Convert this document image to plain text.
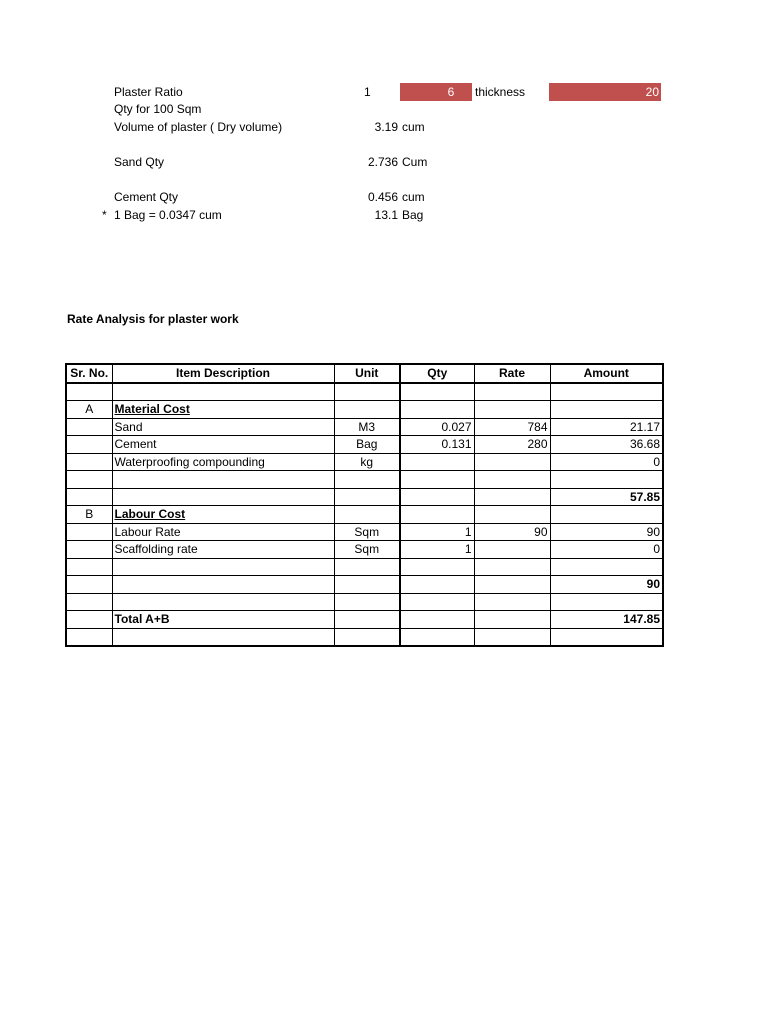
Plaster Ratio	1	6	thickness	20
Qty for 100 Sqm
Volume of plaster ( Dry volume)	3.19 cum
Sand Qty	2.736 Cum
Cement Qty	0.456 cum
* 1 Bag = 0.0347 cum	13.1 Bag
Rate Analysis for plaster work
Sr. No.	Item Description	Unit	Qty	Rate	Amount

A	Material Cost				
	Sand	M3	0.027	784	21.17
	Cement	Bag	0.131	280	36.68
	Waterproofing compounding	kg			0

					57.85
B	Labour Cost				
	Labour Rate	Sqm	1	90	90
	Scaffolding rate	Sqm	1		0

					90

	Total A+B				147.85
